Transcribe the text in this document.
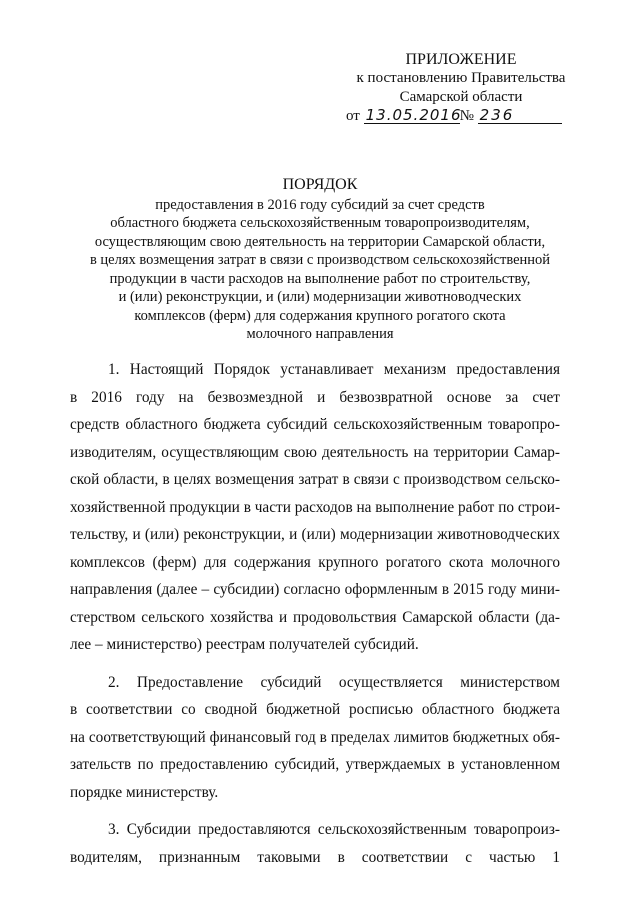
ПРИЛОЖЕНИЕ
к постановлению Правительства
Самарской области
от 13.05.2016№ 236
ПОРЯДОК
предоставления в 2016 году субсидий за счет средств
областного бюджета сельскохозяйственным товаропроизводителям,
осуществляющим свою деятельность на территории Самарской области,
в целях возмещения затрат в связи с производством сельскохозяйственной
продукции в части расходов на выполнение работ по строительству,
и (или) реконструкции, и (или) модернизации животноводческих
комплексов (ферм) для содержания крупного рогатого скота
молочного направления
1. Настоящий Порядок устанавливает механизм предоставления
в 2016 году на безвозмездной и безвозвратной основе за счет
средств областного бюджета субсидий сельскохозяйственным товаропро-
изводителям, осуществляющим свою деятельность на территории Самар-
ской области, в целях возмещения затрат в связи с производством сельско-
хозяйственной продукции в части расходов на выполнение работ по строи-
тельству, и (или) реконструкции, и (или) модернизации животноводческих
комплексов (ферм) для содержания крупного рогатого скота молочного
направления (далее – субсидии) согласно оформленным в 2015 году мини-
стерством сельского хозяйства и продовольствия Самарской области (да-
лее – министерство) реестрам получателей субсидий.
2. Предоставление субсидий осуществляется министерством
в соответствии со сводной бюджетной росписью областного бюджета
на соответствующий финансовый год в пределах лимитов бюджетных обя-
зательств по предоставлению субсидий, утверждаемых в установленном
порядке министерству.
3. Субсидии предоставляются сельскохозяйственным товаропроиз-
водителям, признанным таковыми в соответствии с частью 1
